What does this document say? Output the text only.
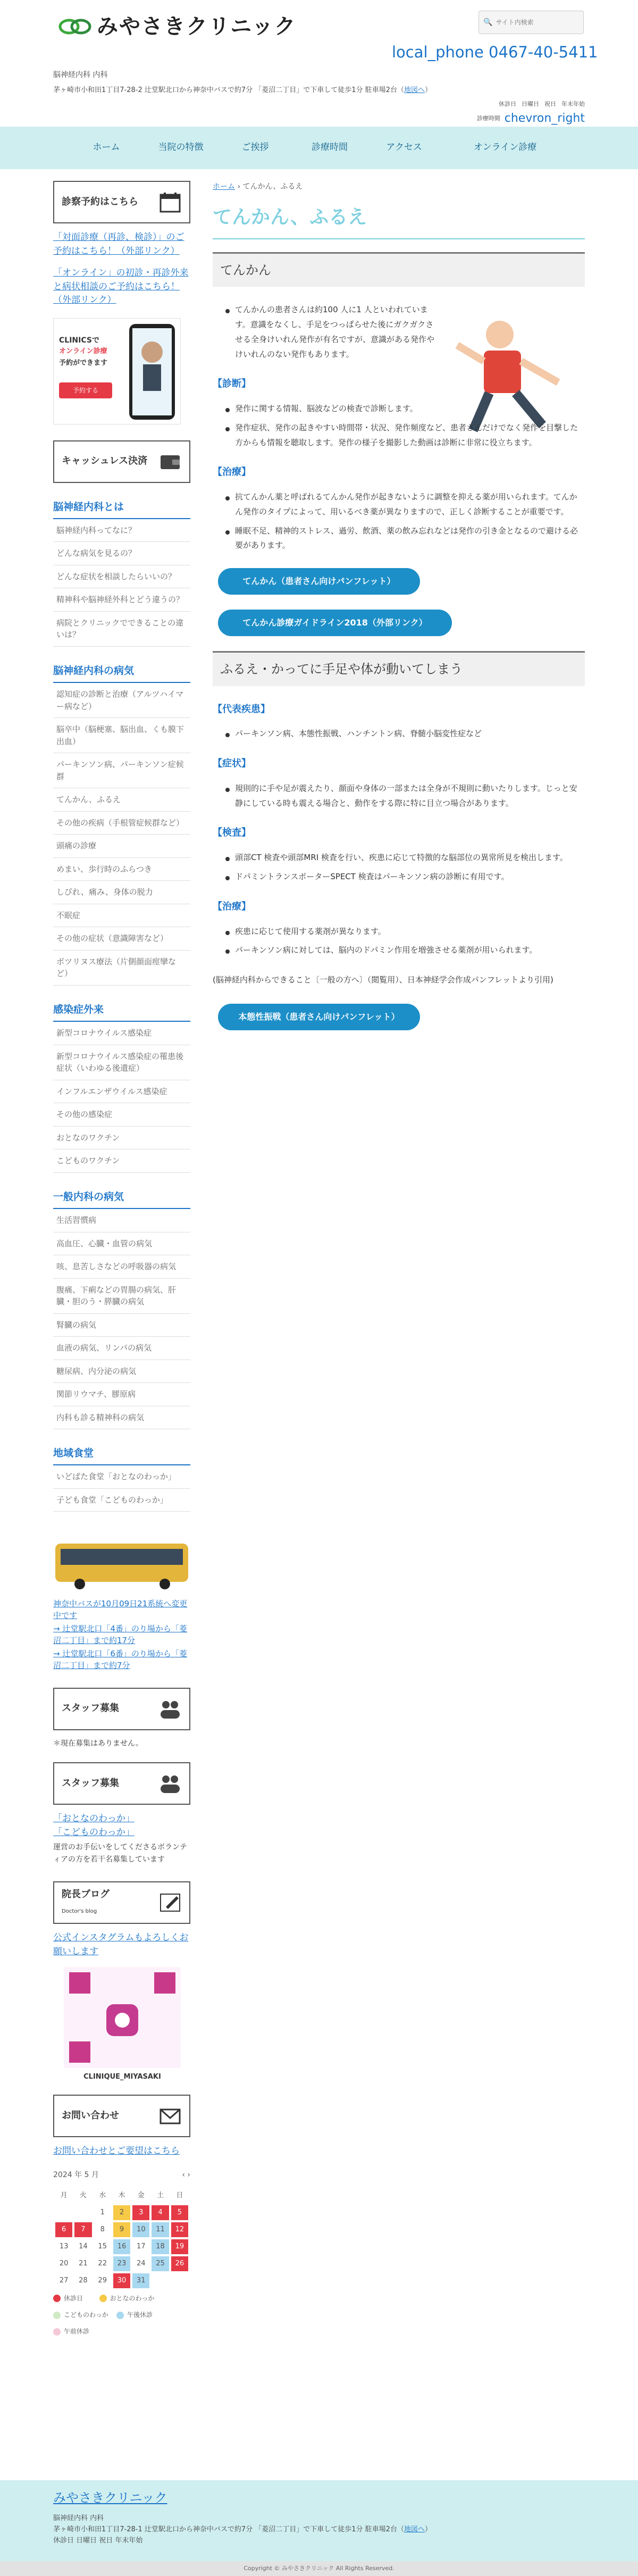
みやさきクリニック
脳神経内科 内科
茅ヶ崎市小和田1丁目7-28-2 辻堂駅北口から神奈中バスで約7分 「菱沼二丁目」で下車して徒歩1分 駐車場2台（地図へ）
🔍
サイト内検索
local_phone 0467-40-5411
休診日 日曜日 祝日 年末年始
診療時間 chevron_right
ホーム	当院の特徴	ご挨拶	診療時間	アクセス	オンライン診療
診察予約はこちら
「対面診療（再診、検診）」のご予約はこちら！（外部リンク）
「オンライン」の初診・再診外来と病状相談のご予約はこちら！（外部リンク）
CLINICSで
オンライン診療
予約ができます
予約する
キャッシュレス決済
脳神経内科とは
脳神経内科ってなに？
どんな病気を見るの？
どんな症状を相談したらいいの？
精神科や脳神経外科とどう違うの？
病院とクリニックでできることの違いは？
脳神経内科の病気
認知症の診断と治療（アルツハイマー病など）
脳卒中（脳梗塞、脳出血、くも膜下出血）
パーキンソン病、パーキンソン症候群
てんかん、ふるえ
その他の疾病（手根管症候群など）
頭痛の診療
めまい、歩行時のふらつき
しびれ、痛み、身体の脱力
不眠症
その他の症状（意識障害など）
ボツリヌス療法（片側顔面痙攣など）
感染症外来
新型コロナウイルス感染症
新型コロナウイルス感染症の罹患後症状（いわゆる後遺症）
インフルエンザウイルス感染症
その他の感染症
おとなのワクチン
こどものワクチン
一般内科の病気
生活習慣病
高血圧、心臓・血管の病気
咳、息苦しさなどの呼吸器の病気
腹痛、下痢などの胃腸の病気、肝臓・胆のう・膵臓の病気
腎臓の病気
血液の病気、リンパの病気
糖尿病、内分泌の病気
関節リウマチ、膠原病
内科も診る精神科の病気
地域食堂
いどばた食堂「おとなのわっか」
子ども食堂「こどものわっか」
神奈中バスが10月09日21系統へ変更中です
→ 辻堂駅北口「4番」のり場から「菱沼二丁目」まで約17分
→ 辻堂駅北口「6番」のり場から「菱沼二丁目」まで約7分
スタッフ募集
＊現在募集はありません。
スタッフ募集
「おとなのわっか」
「こどものわっか」
運営のお手伝いをしてくださるボランティアの方を若干名募集しています
院長ブログ
Doctor's blog
公式インスタグラムもよろしくお願いします
CLINIQUE_MIYASAKI
お問い合わせ
お問い合わせとご要望はこちら
2024 年 5 月	‹ ›
月	火	水	木	金	土	日
		1	2	3	4	5
6	7	8	9	10	11	12
13	14	15	16	17	18	19
20	21	22	23	24	25	26
27	28	29	30	31		
休診日	おとなのわっか
こどものわっか	午後休診
午前休診
ホーム › てんかん、ふるえ
てんかん、ふるえ
てんかん
てんかんの患者さんは約100 人に1 人といわれています。意識をなくし、手足をつっぱらせた後にガクガクさせる全身けいれん発作が有名ですが、意識がある発作やけいれんのない発作もあります。
【診断】
発作に関する情報、脳波などの検査で診断します。
発作症状、発作の起きやすい時間帯・状況、発作頻度など、患者さんだけでなく発作を目撃した方からも情報を聴取します。発作の様子を撮影した動画は診断に非常に役立ちます。
【治療】
抗てんかん薬と呼ばれるてんかん発作が起きないように調整を抑える薬が用いられます。てんかん発作のタイプによって、用いるべき薬が異なりますので、正しく診断することが重要です。
睡眠不足、精神的ストレス、過労、飲酒、薬の飲み忘れなどは発作の引き金となるので避ける必要があります。
てんかん（患者さん向けパンフレット）
てんかん診療ガイドライン2018（外部リンク）
ふるえ・かってに手足や体が動いてしまう
【代表疾患】
パーキンソン病、本態性振戦、ハンチントン病、脊髄小脳変性症など
【症状】
規則的に手や足が震えたり、顔面や身体の一部または全身が不規則に動いたりします。じっと安静にしている時も震える場合と、動作をする際に特に目立つ場合があります。
【検査】
頭部CT 検査や頭部MRI 検査を行い、疾患に応じて特徴的な脳部位の異常所見を検出します。
ドパミントランスポーターSPECT 検査はパーキンソン病の診断に有用です。
【治療】
疾患に応じて使用する薬剤が異なります。
パーキンソン病に対しては、脳内のドパミン作用を増強させる薬剤が用いられます。
(脳神経内科からできること〔一般の方へ〕（閲覧用）、日本神経学会作成パンフレットより引用)
本態性振戦（患者さん向けパンフレット）
みやさきクリニック
脳神経内科 内科
茅ヶ崎市小和田1丁目7-28-1 辻堂駅北口から神奈中バスで約7分 「菱沼二丁目」で下車して徒歩1分 駐車場2台（地図へ）
休診日 日曜日 祝日 年末年始
Copyright © みやさきクリニック All Rights Reserved.
